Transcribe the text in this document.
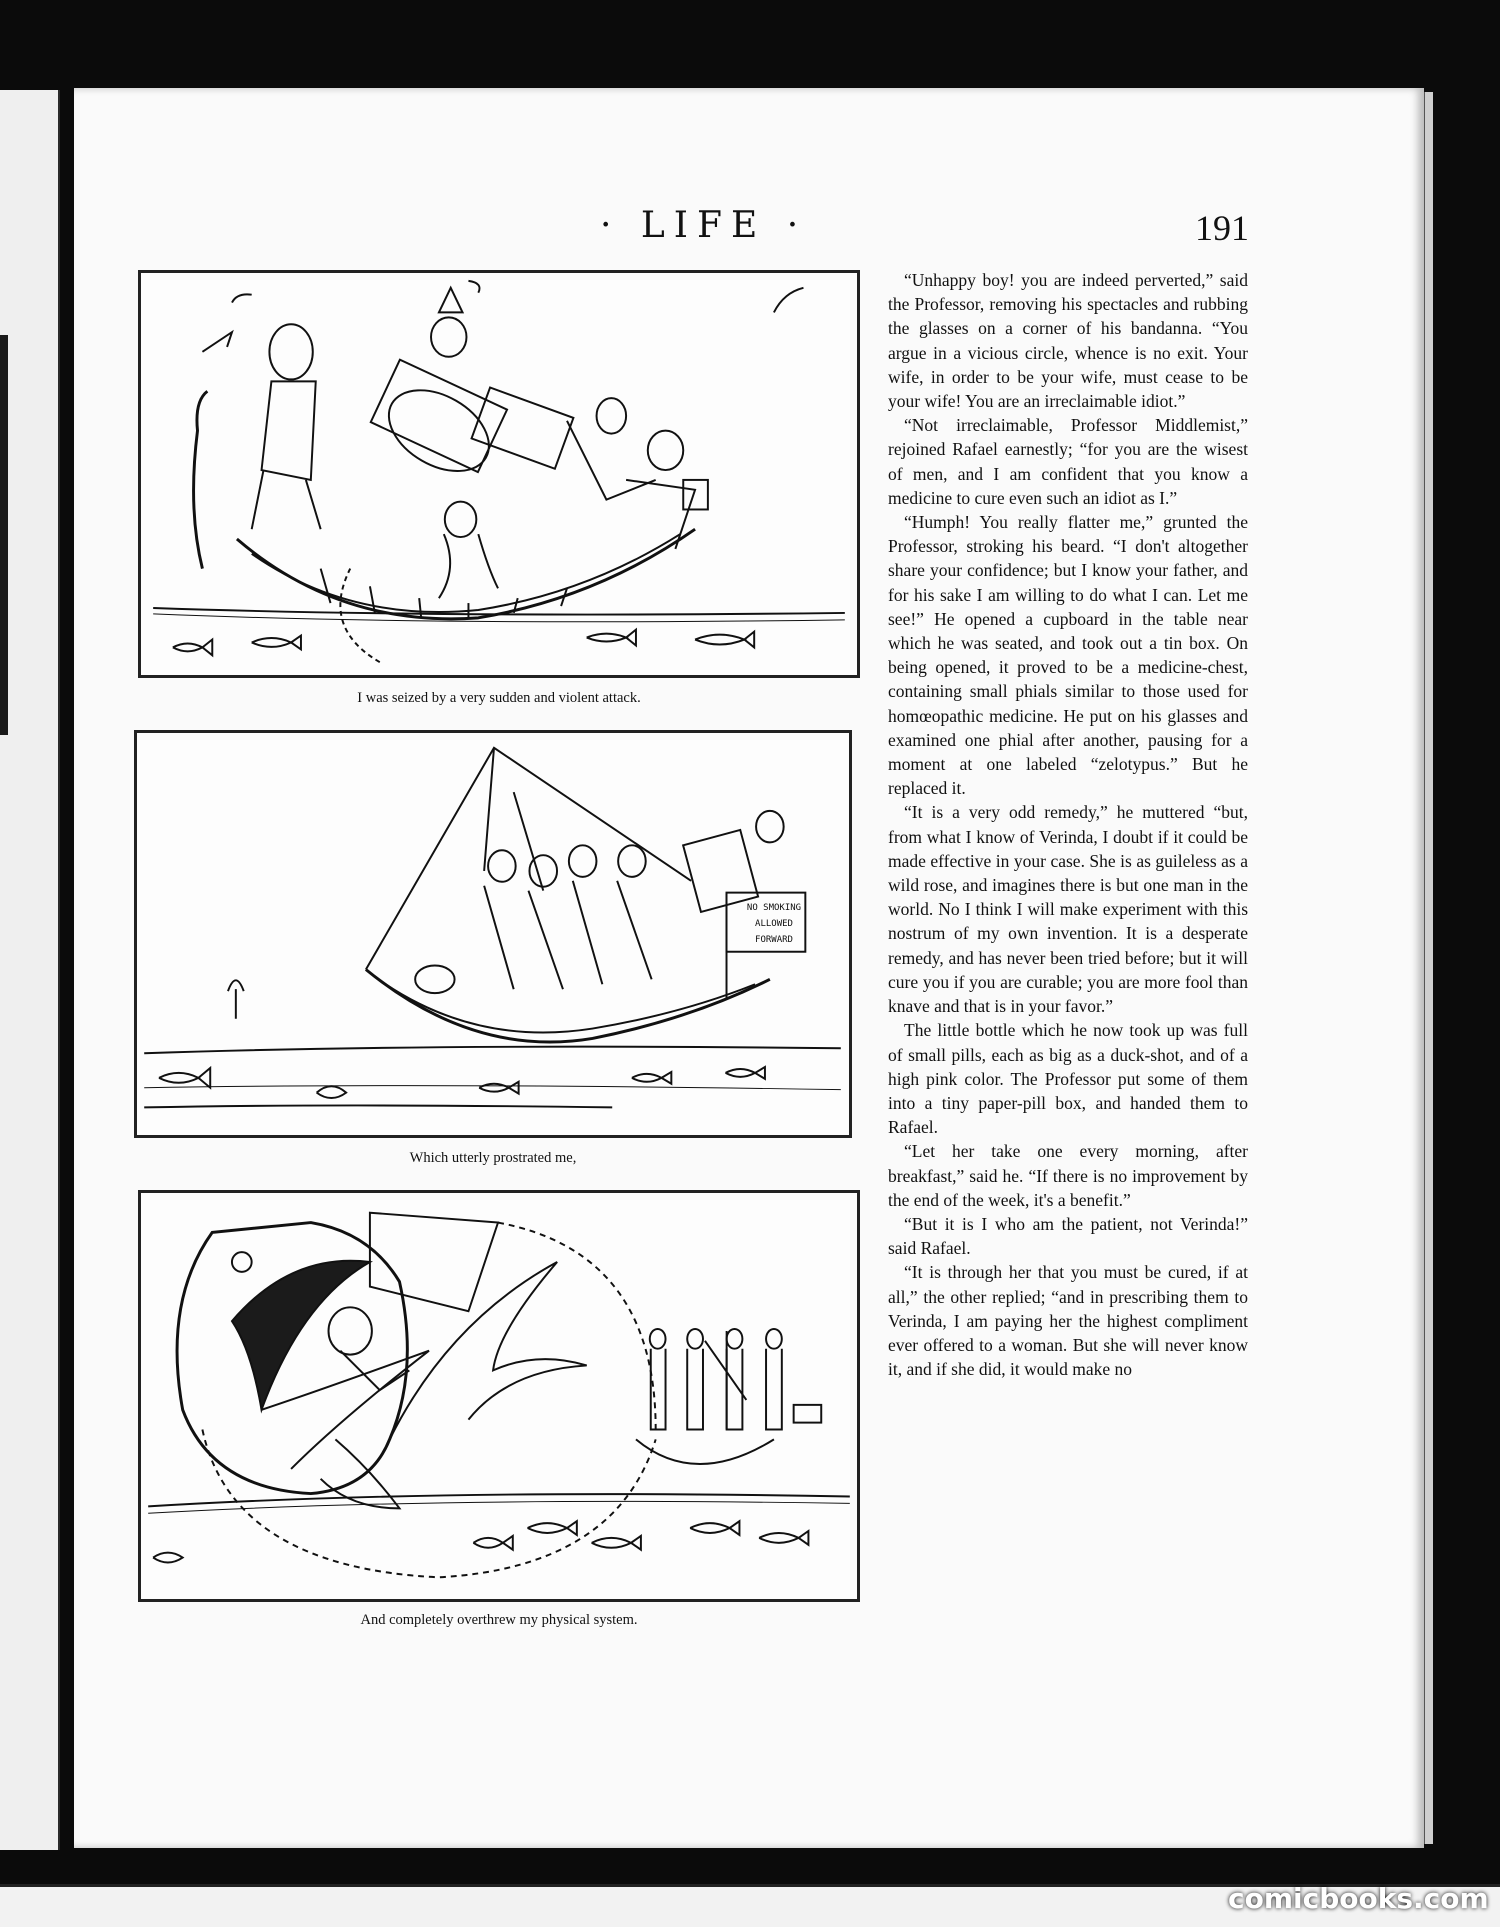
· LIFE ·	191
I was seized by a very sudden and violent attack.
NO SMOKING ALLOWED FORWARD
Which utterly prostrated me,
And completely overthrew my physical system.

“Unhappy boy! you are indeed perverted,” said the Professor, removing his spectacles and rubbing the glasses on a corner of his bandanna. “You argue in a vicious circle, whence is no exit. Your wife, in order to be your wife, must cease to be your wife! You are an irreclaimable idiot.”

“Not irreclaimable, Professor Middlemist,” rejoined Rafael earnestly; “for you are the wisest of men, and I am confident that you know a medicine to cure even such an idiot as I.”

“Humph! You really flatter me,” grunted the Professor, stroking his beard. “I don't altogether share your confidence; but I know your father, and for his sake I am willing to do what I can. Let me see!” He opened a cupboard in the table near which he was seated, and took out a tin box. On being opened, it proved to be a medicine-chest, containing small phials similar to those used for homœopathic medicine. He put on his glasses and examined one phial after another, pausing for a moment at one labeled “zelotypus.” But he replaced it.

“It is a very odd remedy,” he muttered “but, from what I know of Verinda, I doubt if it could be made effective in your case. She is as guileless as a wild rose, and imagines there is but one man in the world. No I think I will make experiment with this nostrum of my own invention. It is a desperate remedy, and has never been tried before; but it will cure you if you are curable; you are more fool than knave and that is in your favor.”

The little bottle which he now took up was full of small pills, each as big as a duck-shot, and of a high pink color. The Professor put some of them into a tiny paper-pill box, and handed them to Rafael.

“Let her take one every morning, after breakfast,” said he. “If there is no improvement by the end of the week, it's a benefit.”

“But it is I who am the patient, not Verinda!” said Rafael.

“It is through her that you must be cured, if at all,” the other replied; “and in prescribing them to Verinda, I am paying her the highest compliment ever offered to a woman. But she will never know it, and if she did, it would make no

comicbooks.com
